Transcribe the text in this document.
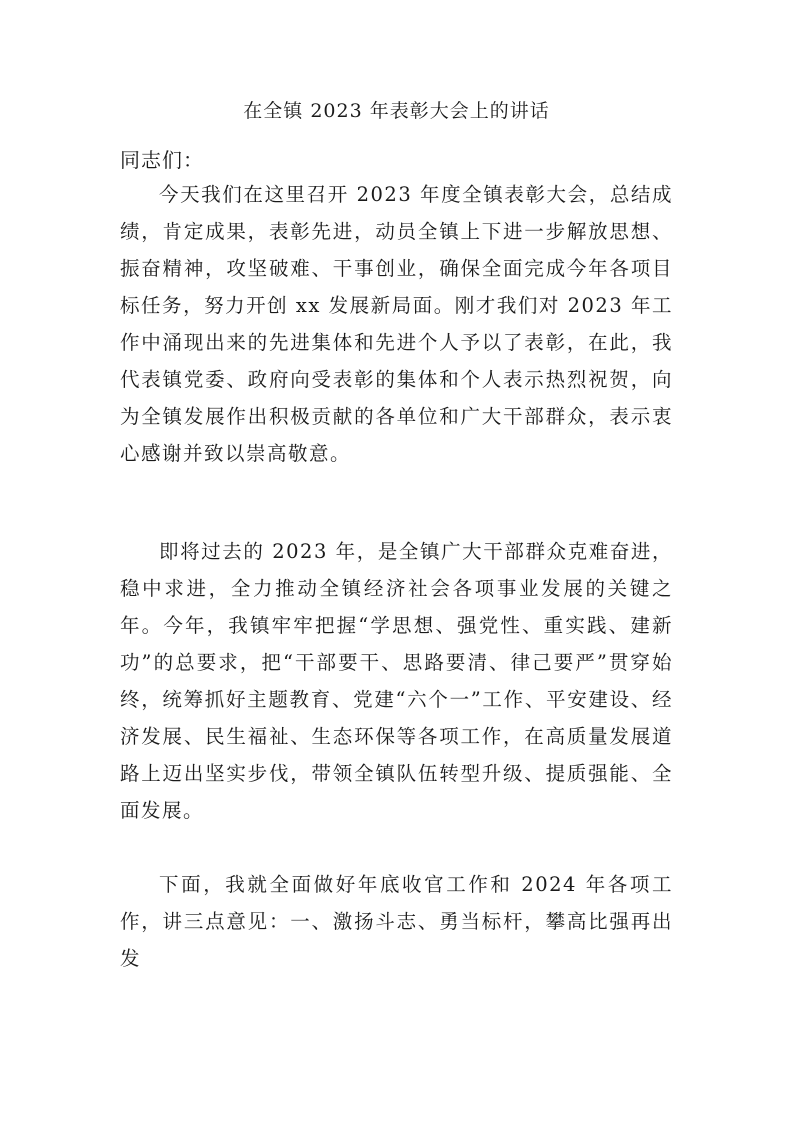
在全镇 2023 年表彰大会上的讲话

同志们：

今天我们在这里召开 2023 年度全镇表彰大会，总结成绩，肯定成果，表彰先进，动员全镇上下进一步解放思想、振奋精神，攻坚破难、干事创业，确保全面完成今年各项目标任务，努力开创 xx 发展新局面。刚才我们对 2023 年工作中涌现出来的先进集体和先进个人予以了表彰，在此，我代表镇党委、政府向受表彰的集体和个人表示热烈祝贺，向为全镇发展作出积极贡献的各单位和广大干部群众，表示衷心感谢并致以崇高敬意。

即将过去的 2023 年，是全镇广大干部群众克难奋进，稳中求进，全力推动全镇经济社会各项事业发展的关键之年。今年，我镇牢牢把握“学思想、强党性、重实践、建新功”的总要求，把“干部要干、思路要清、律己要严”贯穿始终，统筹抓好主题教育、党建“六个一”工作、平安建设、经济发展、民生福祉、生态环保等各项工作，在高质量发展道路上迈出坚实步伐，带领全镇队伍转型升级、提质强能、全面发展。

下面，我就全面做好年底收官工作和 2024 年各项工作，讲三点意见：一、激扬斗志、勇当标杆，攀高比强再出发
